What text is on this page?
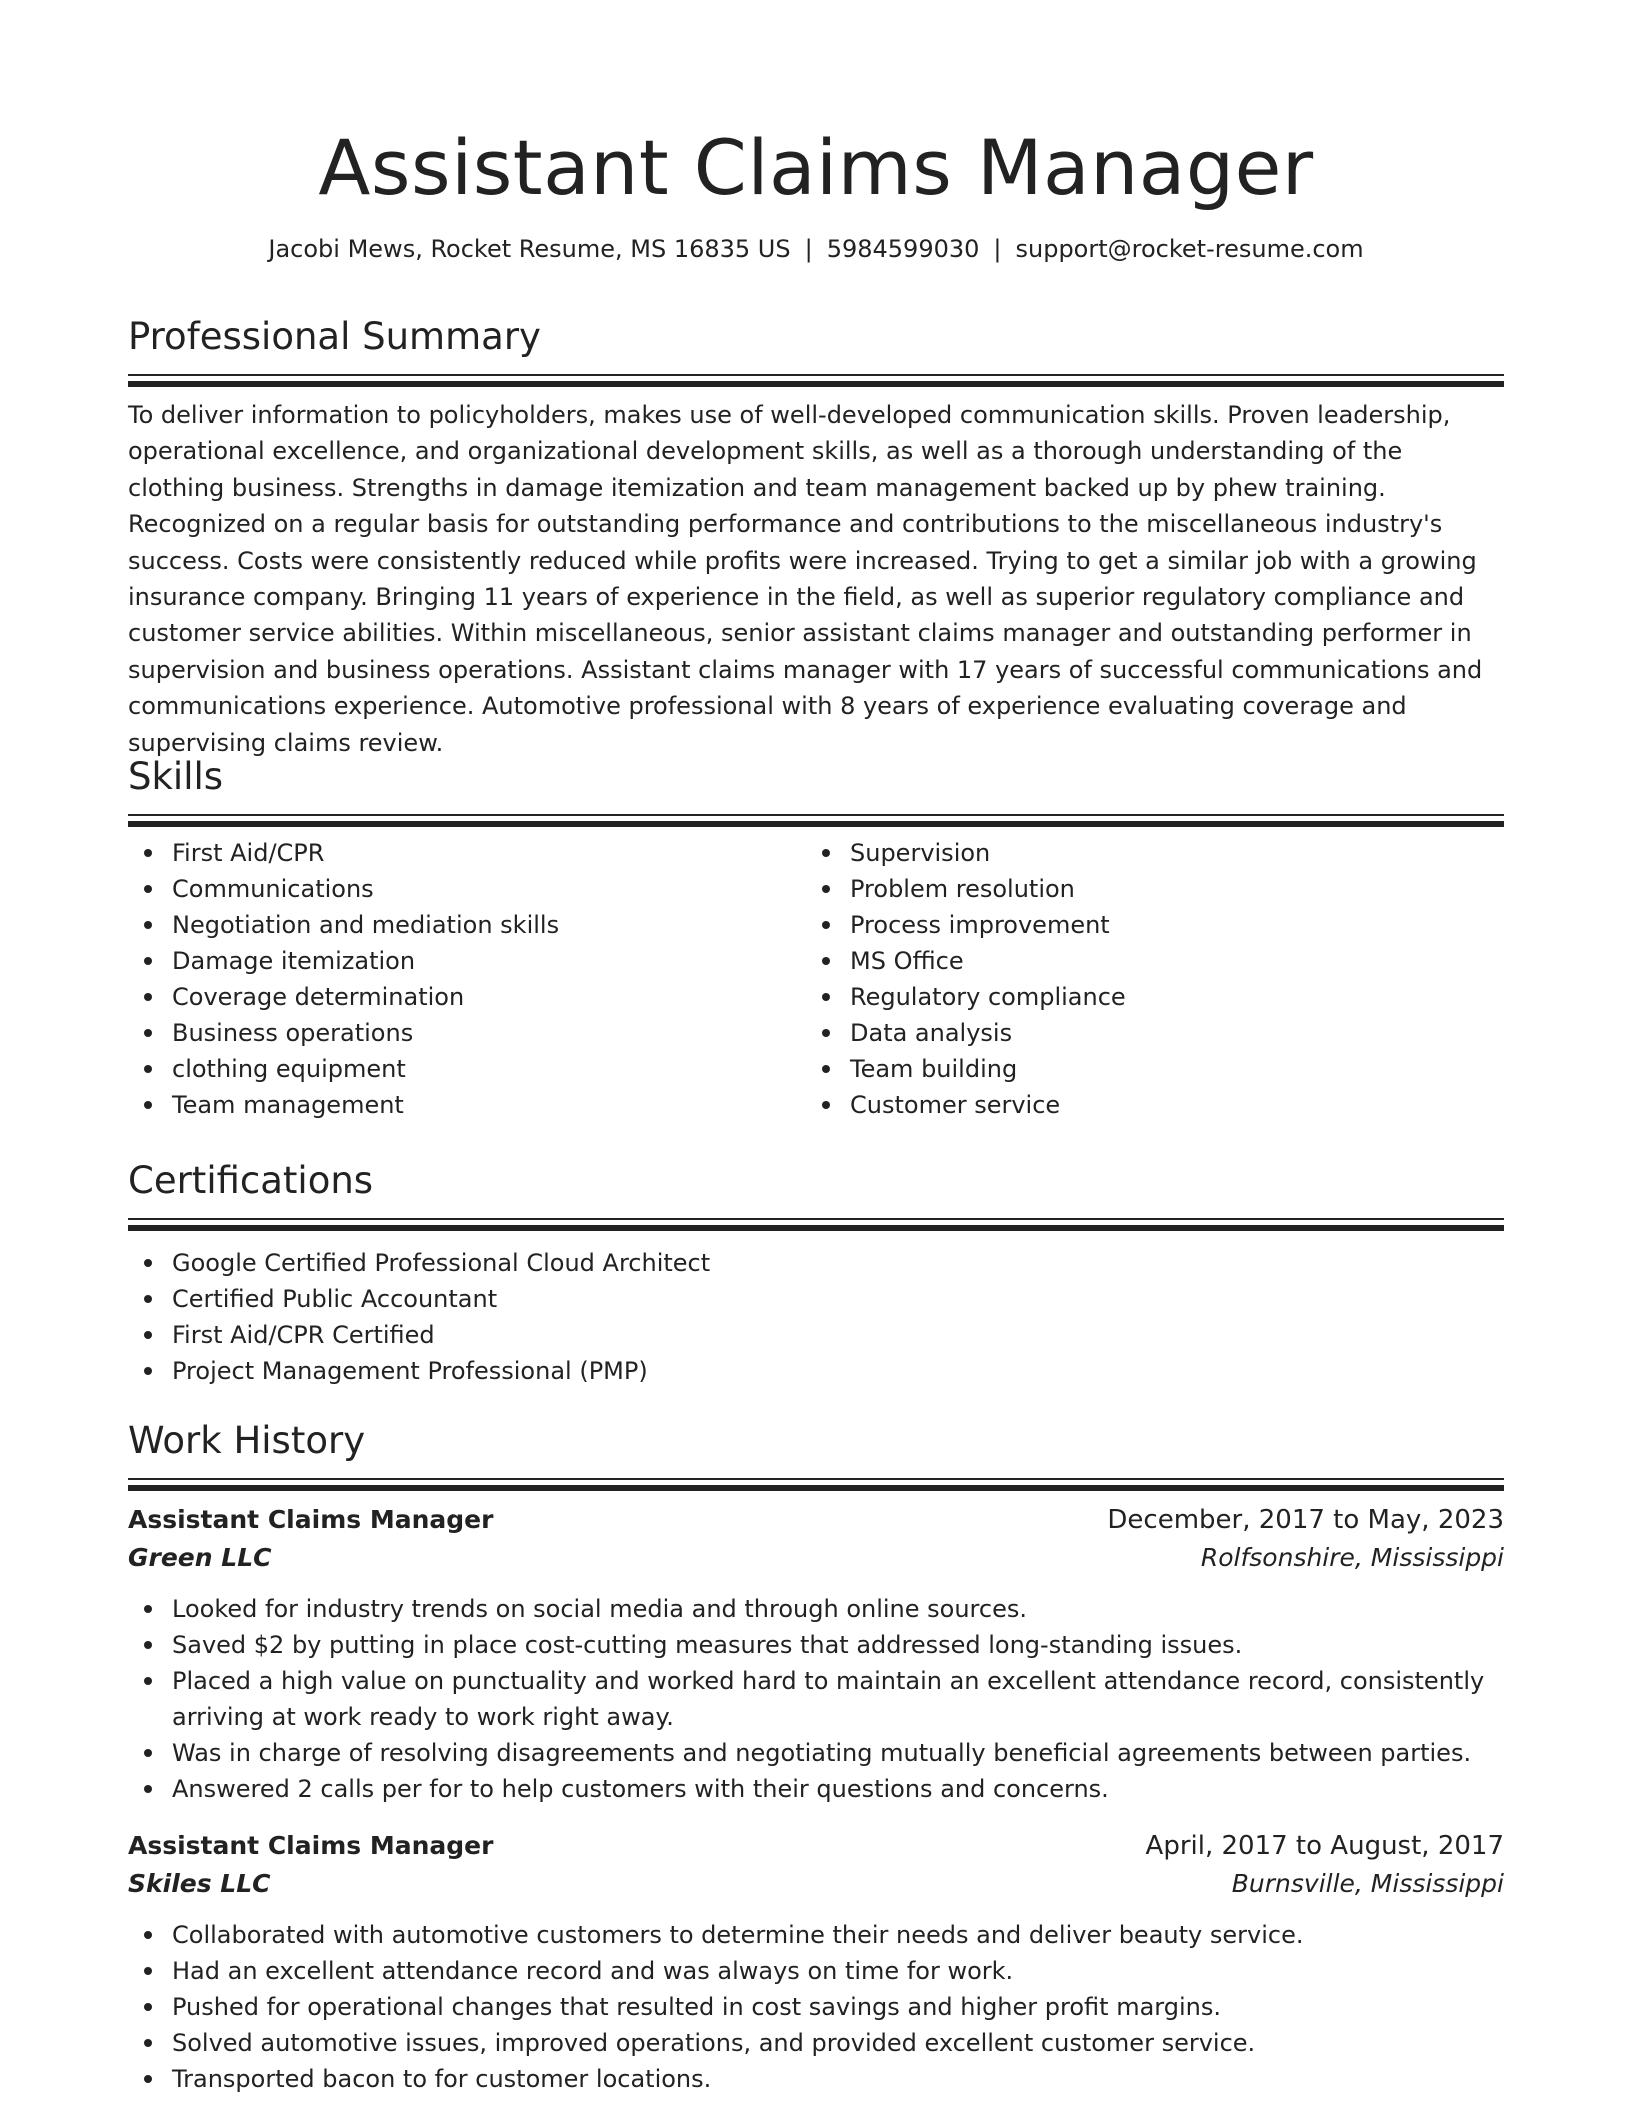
Assistant Claims Manager
Jacobi Mews, Rocket Resume, MS 16835 US | 5984599030 | support@rocket-resume.com
Professional Summary

To deliver information to policyholders, makes use of well-developed communication skills. Proven leadership, operational excellence, and organizational development skills, as well as a thorough understanding of the clothing business. Strengths in damage itemization and team management backed up by phew training. Recognized on a regular basis for outstanding performance and contributions to the miscellaneous industry's success. Costs were consistently reduced while profits were increased. Trying to get a similar job with a growing insurance company. Bringing 11 years of experience in the field, as well as superior regulatory compliance and customer service abilities. Within miscellaneous, senior assistant claims manager and outstanding performer in supervision and business operations. Assistant claims manager with 17 years of successful communications and communications experience. Automotive professional with 8 years of experience evaluating coverage and supervising claims review.

Skills
First Aid/CPR
Communications
Negotiation and mediation skills
Damage itemization
Coverage determination
Business operations
clothing equipment
Team management
Supervision
Problem resolution
Process improvement
MS Office
Regulatory compliance
Data analysis
Team building
Customer service
Certifications
Google Certified Professional Cloud Architect
Certified Public Accountant
First Aid/CPR Certified
Project Management Professional (PMP)
Work History
Assistant Claims Manager	December, 2017 to May, 2023
Green LLC	Rolfsonshire, Mississippi
Looked for industry trends on social media and through online sources.
Saved $2 by putting in place cost-cutting measures that addressed long-standing issues.
Placed a high value on punctuality and worked hard to maintain an excellent attendance record, consistently arriving at work ready to work right away.
Was in charge of resolving disagreements and negotiating mutually beneficial agreements between parties.
Answered 2 calls per for to help customers with their questions and concerns.
Assistant Claims Manager	April, 2017 to August, 2017
Skiles LLC	Burnsville, Mississippi
Collaborated with automotive customers to determine their needs and deliver beauty service.
Had an excellent attendance record and was always on time for work.
Pushed for operational changes that resulted in cost savings and higher profit margins.
Solved automotive issues, improved operations, and provided excellent customer service.
Transported bacon to for customer locations.
